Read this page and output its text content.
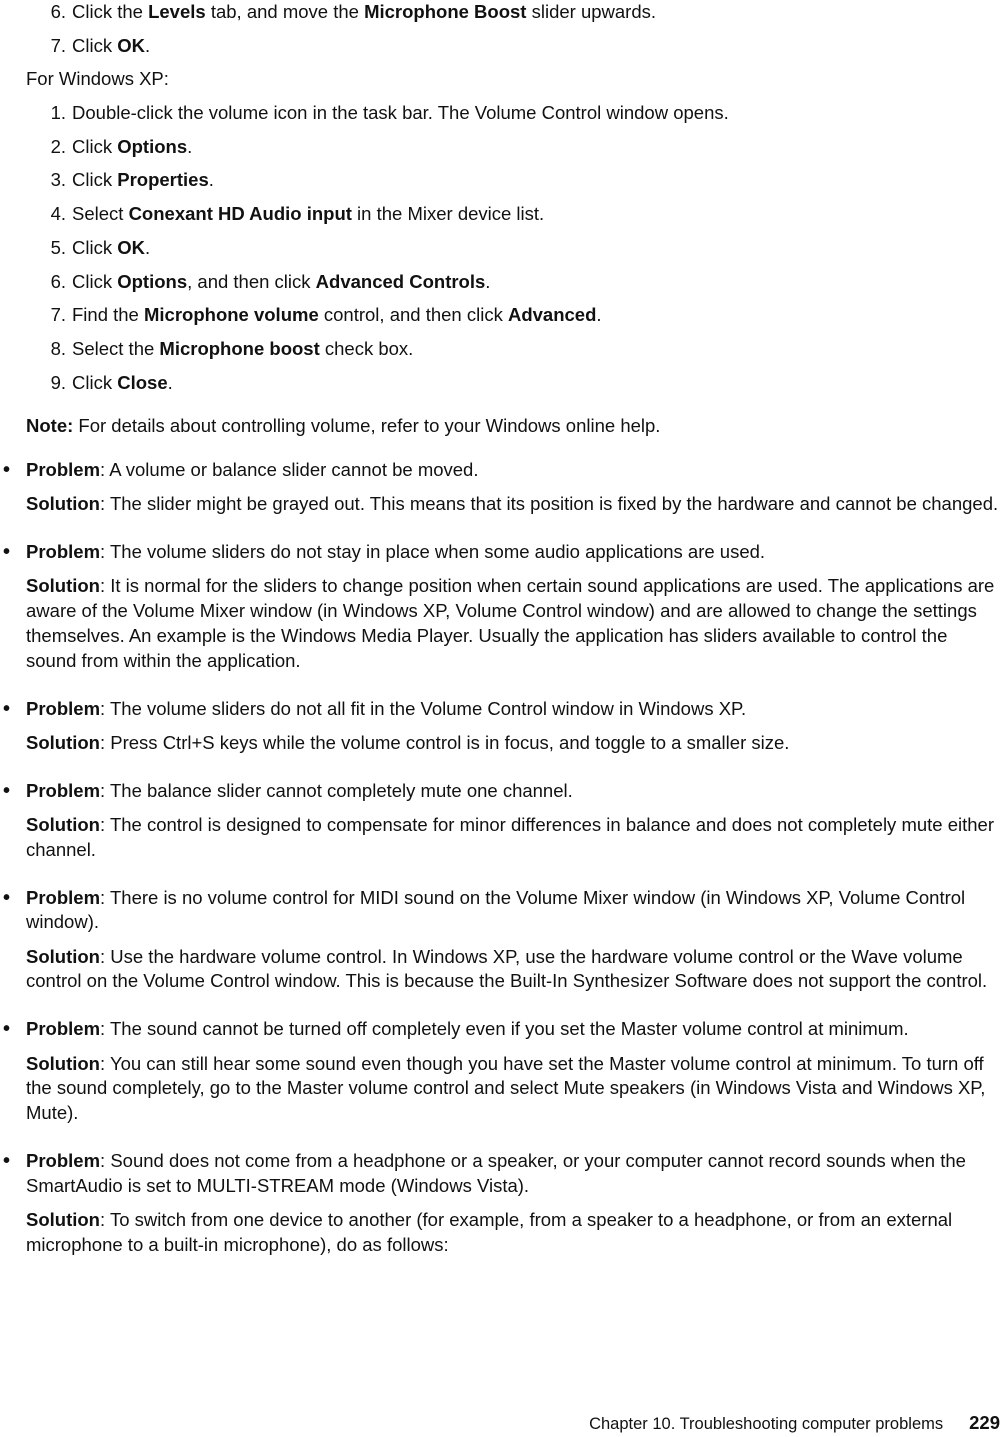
6. Click the Levels tab, and move the Microphone Boost slider upwards.
7. Click OK.
For Windows XP:
1. Double-click the volume icon in the task bar. The Volume Control window opens.
2. Click Options.
3. Click Properties.
4. Select Conexant HD Audio input in the Mixer device list.
5. Click OK.
6. Click Options, and then click Advanced Controls.
7. Find the Microphone volume control, and then click Advanced.
8. Select the Microphone boost check box.
9. Click Close.
Note: For details about controlling volume, refer to your Windows online help.
• Problem: A volume or balance slider cannot be moved.

Solution: The slider might be grayed out. This means that its position is fixed by the hardware and cannot be changed.

• Problem: The volume sliders do not stay in place when some audio applications are used.

Solution: It is normal for the sliders to change position when certain sound applications are used. The applications are aware of the Volume Mixer window (in Windows XP, Volume Control window) and are allowed to change the settings themselves. An example is the Windows Media Player. Usually the application has sliders available to control the sound from within the application.

• Problem: The volume sliders do not all fit in the Volume Control window in Windows XP.

Solution: Press Ctrl+S keys while the volume control is in focus, and toggle to a smaller size.

• Problem: The balance slider cannot completely mute one channel.

Solution: The control is designed to compensate for minor differences in balance and does not completely mute either channel.

• Problem: There is no volume control for MIDI sound on the Volume Mixer window (in Windows XP, Volume Control window).

Solution: Use the hardware volume control. In Windows XP, use the hardware volume control or the Wave volume control on the Volume Control window. This is because the Built-In Synthesizer Software does not support the control.

• Problem: The sound cannot be turned off completely even if you set the Master volume control at minimum.

Solution: You can still hear some sound even though you have set the Master volume control at minimum. To turn off the sound completely, go to the Master volume control and select Mute speakers (in Windows Vista and Windows XP, Mute).

• Problem: Sound does not come from a headphone or a speaker, or your computer cannot record sounds when the SmartAudio is set to MULTI-STREAM mode (Windows Vista).

Solution: To switch from one device to another (for example, from a speaker to a headphone, or from an external microphone to a built-in microphone), do as follows:

Chapter 10. Troubleshooting computer problems 229
